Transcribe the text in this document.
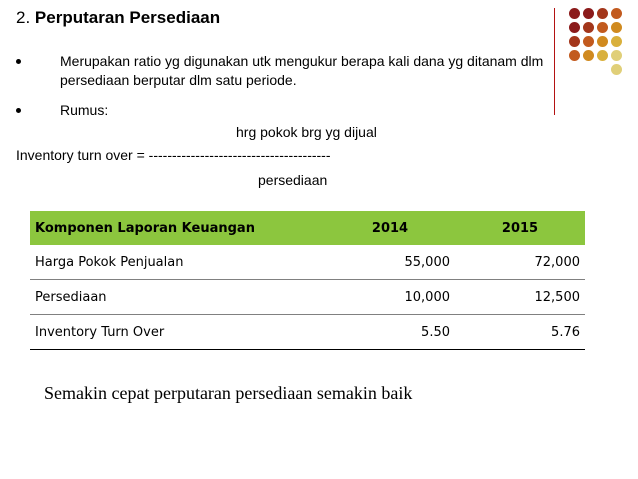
2. Perputaran Persediaan
Merupakan ratio yg digunakan utk mengukur berapa kali dana yg ditanam dlm persediaan berputar dlm satu periode.
Rumus:
hrg pokok brg yg dijual
Inventory turn over = ---------------------------------------
persediaan
Komponen Laporan Keuangan	2014	2015
Harga Pokok Penjualan	55,000	72,000
Persediaan	10,000	12,500
Inventory Turn Over	5.50	5.76
Semakin cepat perputaran persediaan semakin baik
